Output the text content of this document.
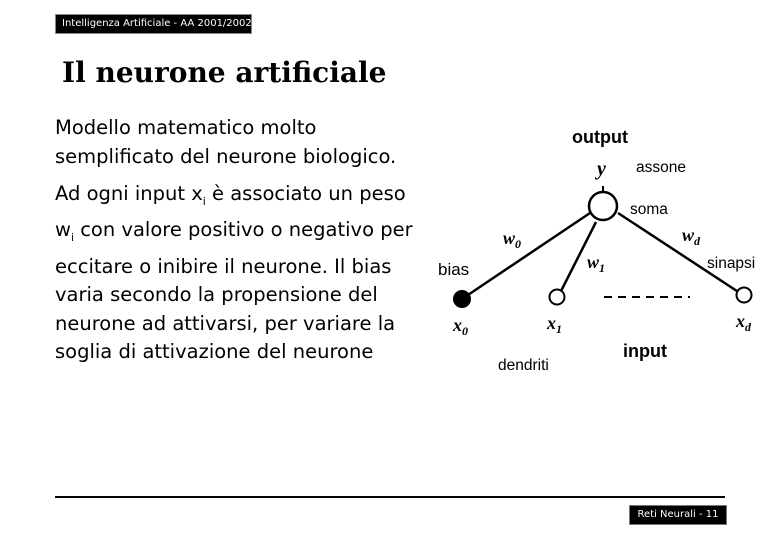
Intelligenza Artificiale - AA 2001/2002
Il neurone artificiale

Modello matematico molto semplificato del neurone biologico.

Ad ogni input $x_i$ è associato un peso $w_i$ con valore positivo o negativo per eccitare o inibire il neurone. Il bias varia secondo la propensione del neurone ad attivarsi, per variare la soglia di attivazione del neurone

output
y assone
soma
$w_0$
$w_1$
$w_d$
bias	sinapsi
$x_0$	$x_1$	$x_d$
input
dendriti
Reti Neurali - 11
